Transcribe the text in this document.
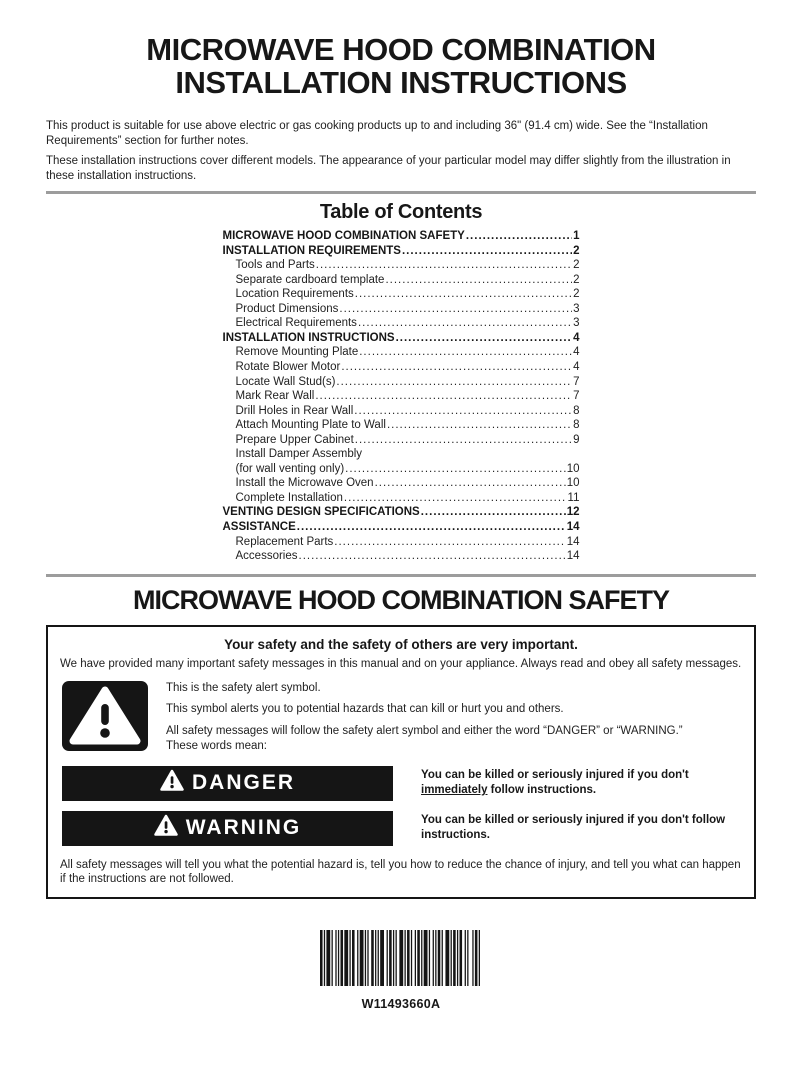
MICROWAVE HOOD COMBINATION
INSTALLATION INSTRUCTIONS

This product is suitable for use above electric or gas cooking products up to and including 36" (91.4 cm) wide. See the “Installation Requirements” section for further notes.

These installation instructions cover different models. The appearance of your particular model may differ slightly from the illustration in these installation instructions.

Table of Contents
MICROWAVE HOOD COMBINATION SAFETY .....	1
INSTALLATION REQUIREMENTS .....	2
Tools and Parts .....	2
Separate cardboard template .....	2
Location Requirements .....	2
Product Dimensions .....	3
Electrical Requirements .....	3
INSTALLATION INSTRUCTIONS .....	4
Remove Mounting Plate .....	4
Rotate Blower Motor .....	4
Locate Wall Stud(s) .....	7
Mark Rear Wall .....	7
Drill Holes in Rear Wall .....	8
Attach Mounting Plate to Wall .....	8
Prepare Upper Cabinet .....	9
Install Damper Assembly
(for wall venting only) .....	10
Install the Microwave Oven .....	10
Complete Installation .....	11
VENTING DESIGN SPECIFICATIONS .....	12
ASSISTANCE .....	14
Replacement Parts .....	14
Accessories .....	14
MICROWAVE HOOD COMBINATION SAFETY
Your safety and the safety of others are very important.

We have provided many important safety messages in this manual and on your appliance. Always read and obey all safety messages.

This is the safety alert symbol.

This symbol alerts you to potential hazards that can kill or hurt you and others.

All safety messages will follow the safety alert symbol and either the word “DANGER” or “WARNING.”

These words mean:

DANGER	You can be killed or seriously injured if you don't immediately follow instructions.
WARNING	You can be killed or seriously injured if you don't follow instructions.

All safety messages will tell you what the potential hazard is, tell you how to reduce the chance of injury, and tell you what can happen if the instructions are not followed.

W11493660A
